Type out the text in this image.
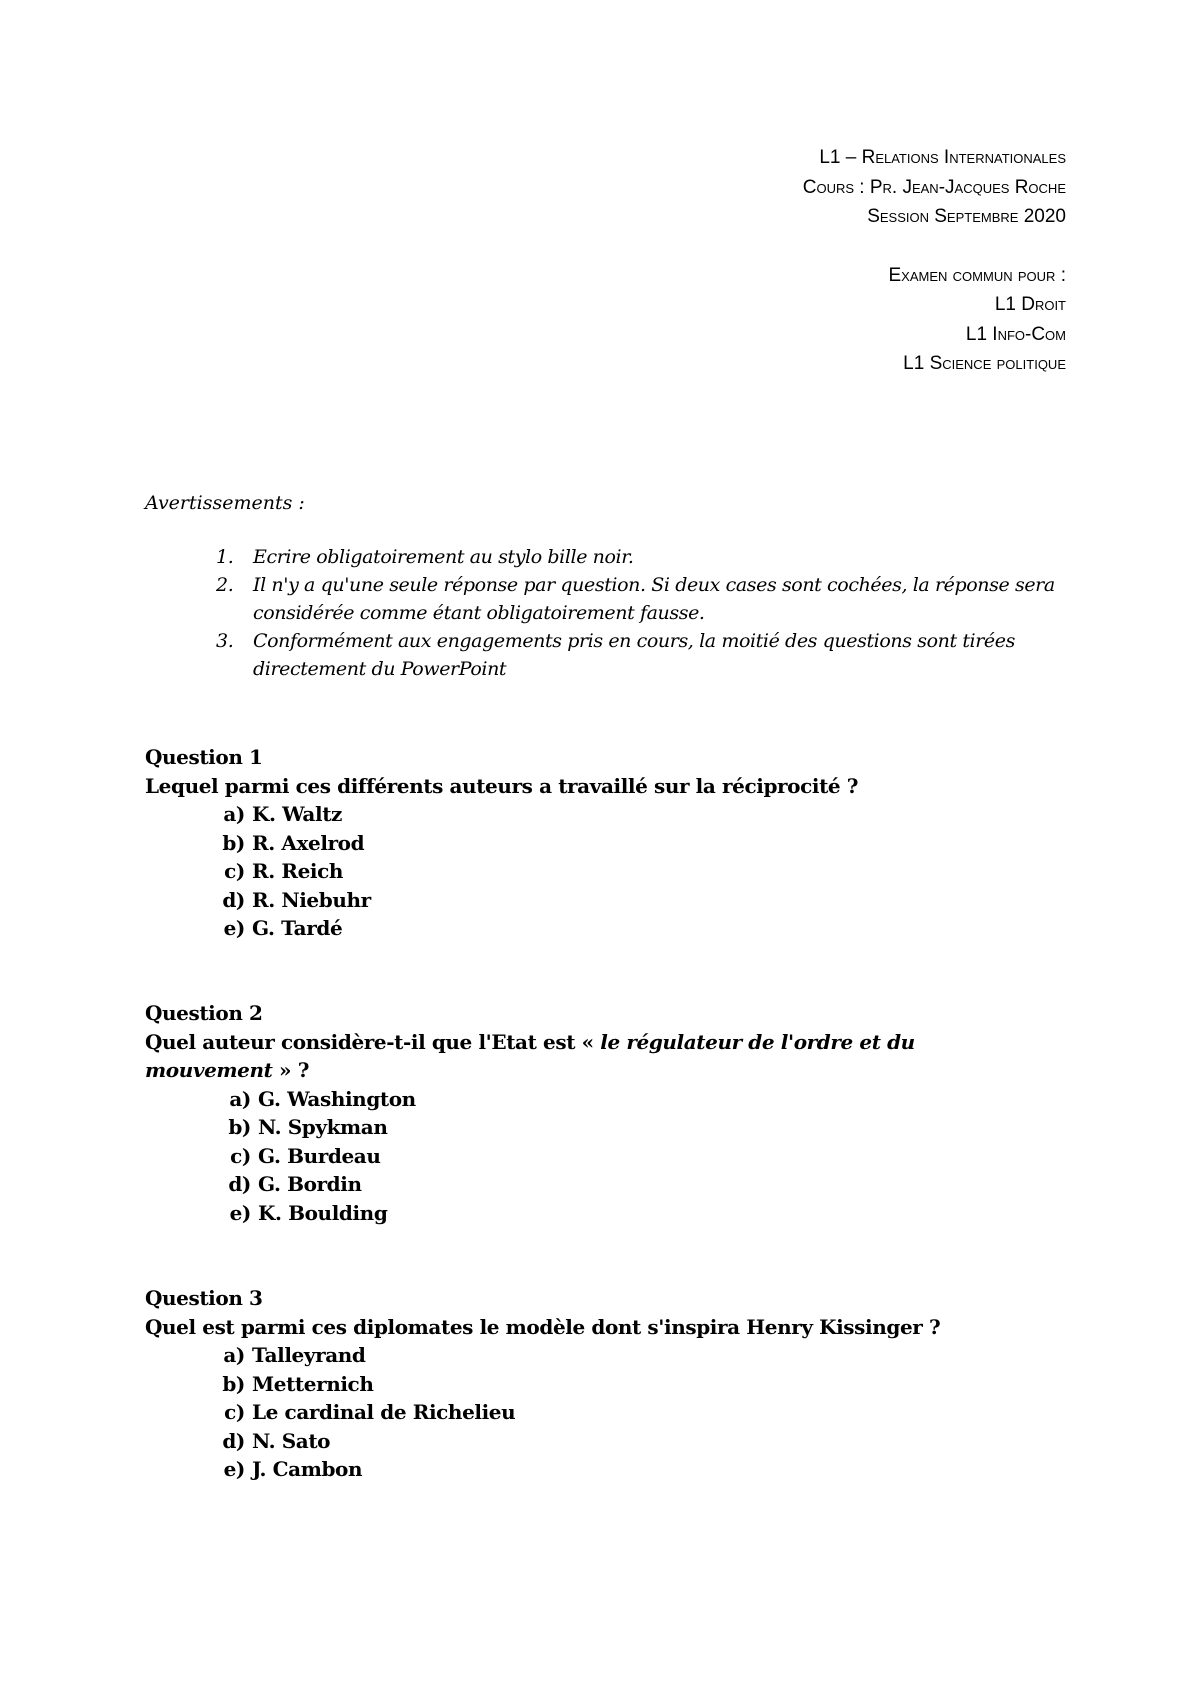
L1 – Relations Internationales
Cours : Pr. Jean-Jacques Roche
Session Septembre 2020
Examen commun pour :
L1 Droit
L1 Info-Com
L1 Science politique
Avertissements :
1. Ecrire obligatoirement au stylo bille noir.
2. Il n'y a qu'une seule réponse par question. Si deux cases sont cochées, la réponse sera considérée comme étant obligatoirement fausse.
3. Conformément aux engagements pris en cours, la moitié des questions sont tirées directement du PowerPoint
Question 1
Lequel parmi ces différents auteurs a travaillé sur la réciprocité ?
a) K. Waltz
b) R. Axelrod
c) R. Reich
d) R. Niebuhr
e) G. Tardé
Question 2
Quel auteur considère-t-il que l'Etat est « le régulateur de l'ordre et du mouvement » ?
a) G. Washington
b) N. Spykman
c) G. Burdeau
d) G. Bordin
e) K. Boulding
Question 3
Quel est parmi ces diplomates le modèle dont s'inspira Henry Kissinger ?
a) Talleyrand
b) Metternich
c) Le cardinal de Richelieu
d) N. Sato
e) J. Cambon
